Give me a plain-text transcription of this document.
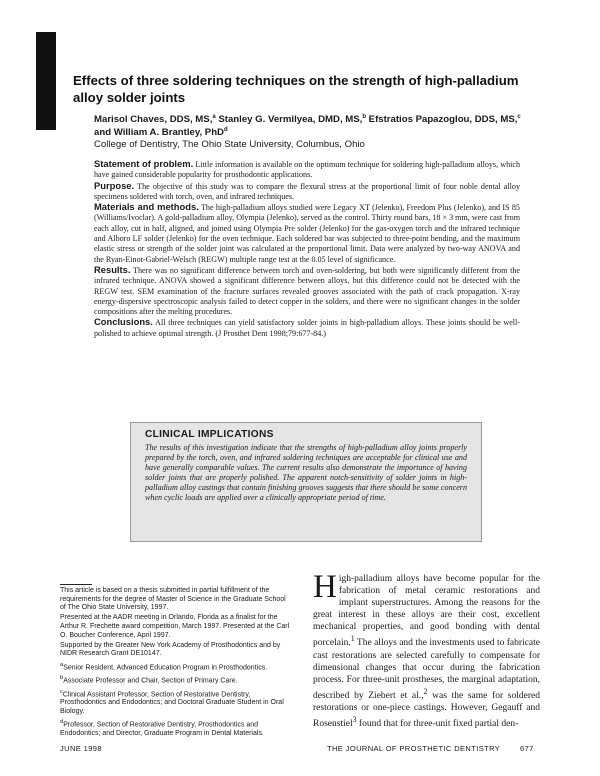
Effects of three soldering techniques on the strength of high-palladium alloy solder joints
Marisol Chaves, DDS, MS,$^a$ Stanley G. Vermilyea, DMD, MS,$^b$ Efstratios Papazoglou, DDS, MS,$^c$ and William A. Brantley, PhD$^d$
College of Dentistry, The Ohio State University, Columbus, Ohio

Statement of problem. Little information is available on the optimum technique for soldering high-palladium alloys, which have gained considerable popularity for prosthodontic applications.

Purpose. The objective of this study was to compare the flexural stress at the proportional limit of four noble dental alloy specimens soldered with torch, oven, and infrared techniques.

Materials and methods. The high-palladium alloys studied were Legacy XT (Jelenko), Freedom Plus (Jelenko), and IS 85 (Williams/Ivoclar). A gold-palladium alloy, Olympia (Jelenko), served as the control. Thirty round bars, 18 × 3 mm, were cast from each alloy, cut in half, aligned, and joined using Olympia Pre solder (Jelenko) for the gas-oxygen torch and the infrared technique and Alboro LF solder (Jelenko) for the oven technique. Each soldered bar was subjected to three-point bending, and the maximum elastic stress or strength of the solder joint was calculated at the proportional limit. Data were analyzed by two-way ANOVA and the Ryan-Einot-Gabriel-Welsch (REGW) multiple range test at the 0.05 level of significance.

Results. There was no significant difference between torch and oven-soldering, but both were significantly different from the infrared technique. ANOVA showed a significant difference between alloys, but this difference could not be detected with the REGW test. SEM examination of the fracture surfaces revealed grooves associated with the path of crack propagation. X-ray energy-dispersive spectroscopic analysis failed to detect copper in the solders, and there were no significant changes in the solder compositions after the melting procedures.

Conclusions. All three techniques can yield satisfactory solder joints in high-palladium alloys. These joints should be well-polished to achieve optimal strength. (J Prosthet Dent 1998;79:677-84.)

CLINICAL IMPLICATIONS

The results of this investigation indicate that the strengths of high-palladium alloy joints properly prepared by the torch, oven, and infrared soldering techniques are acceptable for clinical use and have generally comparable values. The current results also demonstrate the importance of having solder joints that are properly polished. The apparent notch-sensitivity of solder joints in high-palladium alloy castings that contain finishing grooves suggests that there should be some concern when cyclic loads are applied over a clinically appropriate period of time.

This article is based on a thesis submitted in partial fulfillment of the requirements for the degree of Master of Science in the Graduate School of The Ohio State University, 1997.

Presented at the AADR meeting in Orlando, Florida as a finalist for the Arthur R. Frechette award competition, March 1997. Presented at the Carl O. Boucher Conference, April 1997.

Supported by the Greater New York Academy of Prosthodontics and by NIDR Research Grant DE10147.

$^a$Senior Resident, Advanced Education Program in Prosthodontics.

$^b$Associate Professor and Chair, Section of Primary Care.

$^c$Clinical Assistant Professor, Section of Restorative Dentistry, Prosthodontics and Endodontics; and Doctoral Graduate Student in Oral Biology.

$^d$Professor, Section of Restorative Dentistry, Prosthodontics and Endodontics; and Director, Graduate Program in Dental Materials.

High-palladium alloys have become popular for the fabrication of metal ceramic restorations and implant superstructures. Among the reasons for the great interest in these alloys are their cost, excellent mechanical properties, and good bonding with dental porcelain.$^1$ The alloys and the investments used to fabricate cast restorations are selected carefully to compensate for dimensional changes that occur during the fabrication process. For three-unit prostheses, the marginal adaptation, described by Ziebert et al.,$^2$ was the same for soldered restorations or one-piece castings. However, Gegauff and Rosenstiel$^3$ found that for three-unit fixed partial den-

JUNE 1998	THE JOURNAL OF PROSTHETIC DENTISTRY	677
